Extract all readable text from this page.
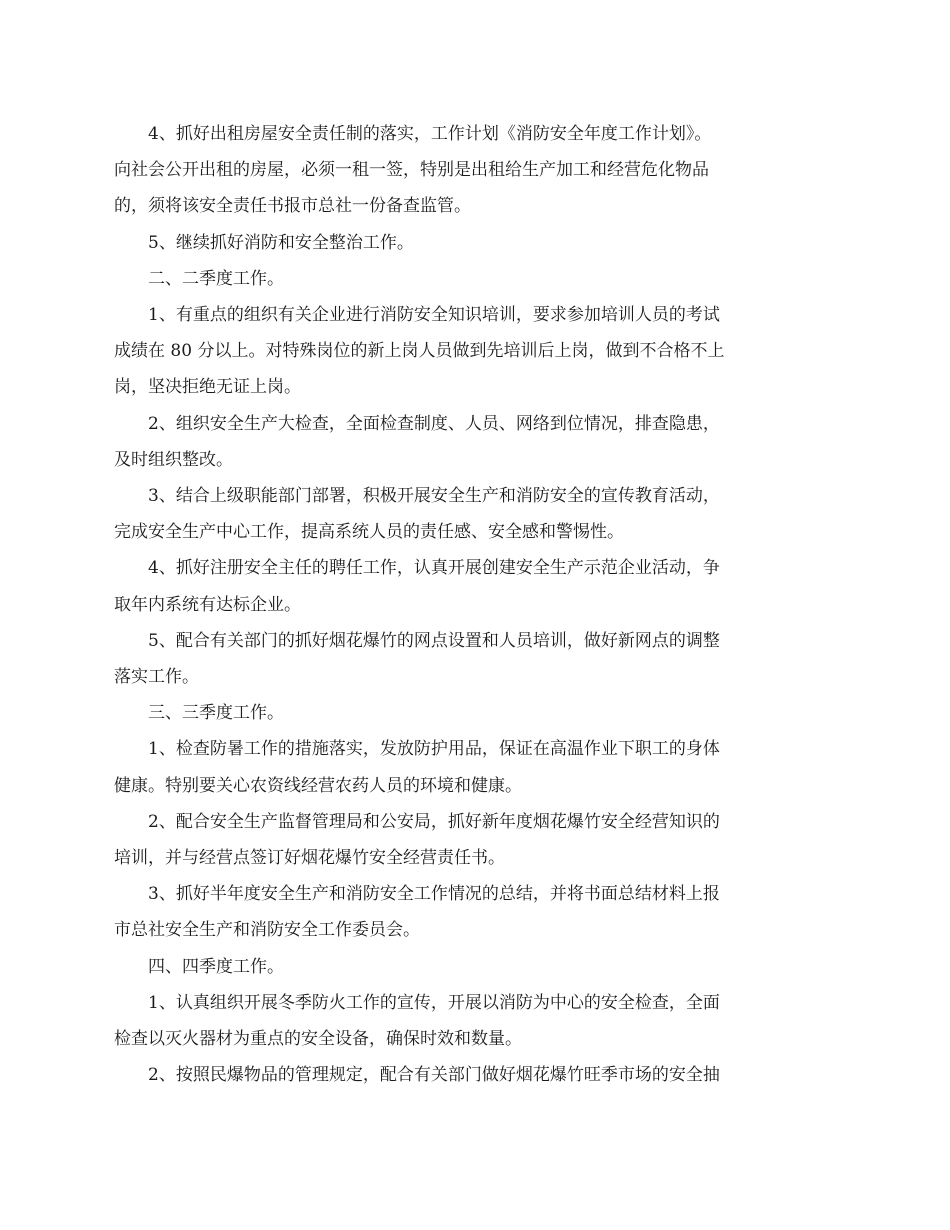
4、抓好出租房屋安全责任制的落实，工作计划《消防安全年度工作计划》。
向社会公开出租的房屋，必须一租一签，特别是出租给生产加工和经营危化物品
的，须将该安全责任书报市总社一份备查监管。

5、继续抓好消防和安全整治工作。

二、二季度工作。

1、有重点的组织有关企业进行消防安全知识培训，要求参加培训人员的考试
成绩在 80 分以上。对特殊岗位的新上岗人员做到先培训后上岗，做到不合格不上
岗，坚决拒绝无证上岗。

2、组织安全生产大检查，全面检查制度、人员、网络到位情况，排查隐患，
及时组织整改。

3、结合上级职能部门部署，积极开展安全生产和消防安全的宣传教育活动，
完成安全生产中心工作，提高系统人员的责任感、安全感和警惕性。

4、抓好注册安全主任的聘任工作，认真开展创建安全生产示范企业活动，争
取年内系统有达标企业。

5、配合有关部门的抓好烟花爆竹的网点设置和人员培训，做好新网点的调整
落实工作。

三、三季度工作。

1、检查防暑工作的措施落实，发放防护用品，保证在高温作业下职工的身体
健康。特别要关心农资线经营农药人员的环境和健康。

2、配合安全生产监督管理局和公安局，抓好新年度烟花爆竹安全经营知识的
培训，并与经营点签订好烟花爆竹安全经营责任书。

3、抓好半年度安全生产和消防安全工作情况的总结，并将书面总结材料上报
市总社安全生产和消防安全工作委员会。

四、四季度工作。

1、认真组织开展冬季防火工作的宣传，开展以消防为中心的安全检查，全面
检查以灭火器材为重点的安全设备，确保时效和数量。

2、按照民爆物品的管理规定，配合有关部门做好烟花爆竹旺季市场的安全抽
